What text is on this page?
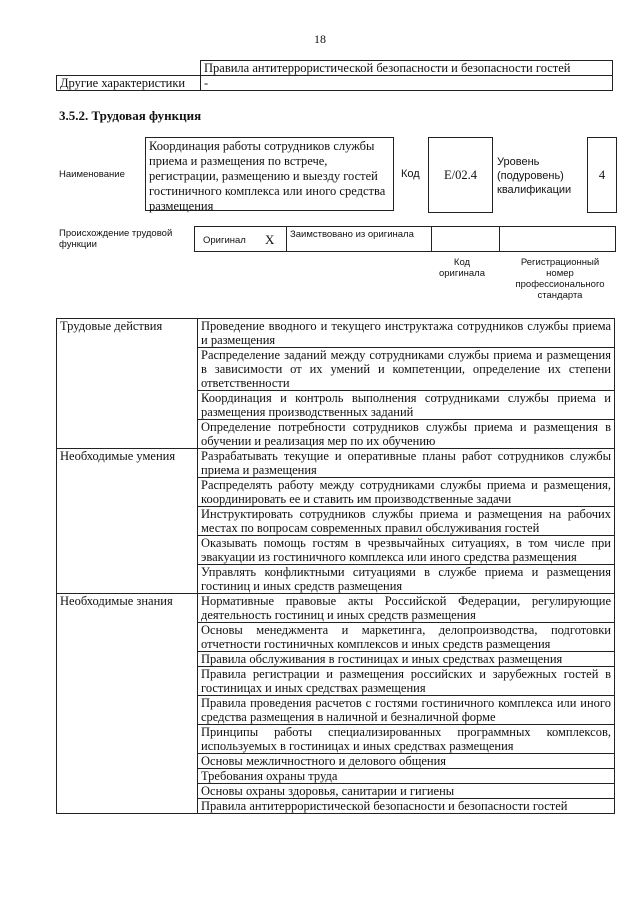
18
	Правила антитеррористической безопасности и безопасности гостей
Другие характеристики	-
3.5.2. Трудовая функция
Наименование
Координация работы сотрудников службы приема и размещения по встрече, регистрации, размещению и выезду гостей гостиничного комплекса или иного средства размещения
Код E/02.4
Уровень (подуровень) квалификации
4
Происхождение трудовой функции	Оригинал X Заимствовано из оригинала
Код оригинала
Регистрационный номер профессионального стандарта
Трудовые действия	Проведение вводного и текущего инструктажа сотрудников службы приема и размещения
	Распределение заданий между сотрудниками службы приема и размещения в зависимости от их умений и компетенции, определение их степени ответственности
	Координация и контроль выполнения сотрудниками службы приема и размещения производственных заданий
	Определение потребности сотрудников службы приема и размещения в обучении и реализация мер по их обучению
Необходимые умения	Разрабатывать текущие и оперативные планы работ сотрудников службы приема и размещения
	Распределять работу между сотрудниками службы приема и размещения, координировать ее и ставить им производственные задачи
	Инструктировать сотрудников службы приема и размещения на рабочих местах по вопросам современных правил обслуживания гостей
	Оказывать помощь гостям в чрезвычайных ситуациях, в том числе при эвакуации из гостиничного комплекса или иного средства размещения
	Управлять конфликтными ситуациями в службе приема и размещения гостиниц и иных средств размещения
Необходимые знания	Нормативные правовые акты Российской Федерации, регулирующие деятельность гостиниц и иных средств размещения
	Основы менеджмента и маркетинга, делопроизводства, подготовки отчетности гостиничных комплексов и иных средств размещения
	Правила обслуживания в гостиницах и иных средствах размещения
	Правила регистрации и размещения российских и зарубежных гостей в гостиницах и иных средствах размещения
	Правила проведения расчетов с гостями гостиничного комплекса или иного средства размещения в наличной и безналичной форме
	Принципы работы специализированных программных комплексов, используемых в гостиницах и иных средствах размещения
	Основы межличностного и делового общения
	Требования охраны труда
	Основы охраны здоровья, санитарии и гигиены
	Правила антитеррористической безопасности и безопасности гостей
